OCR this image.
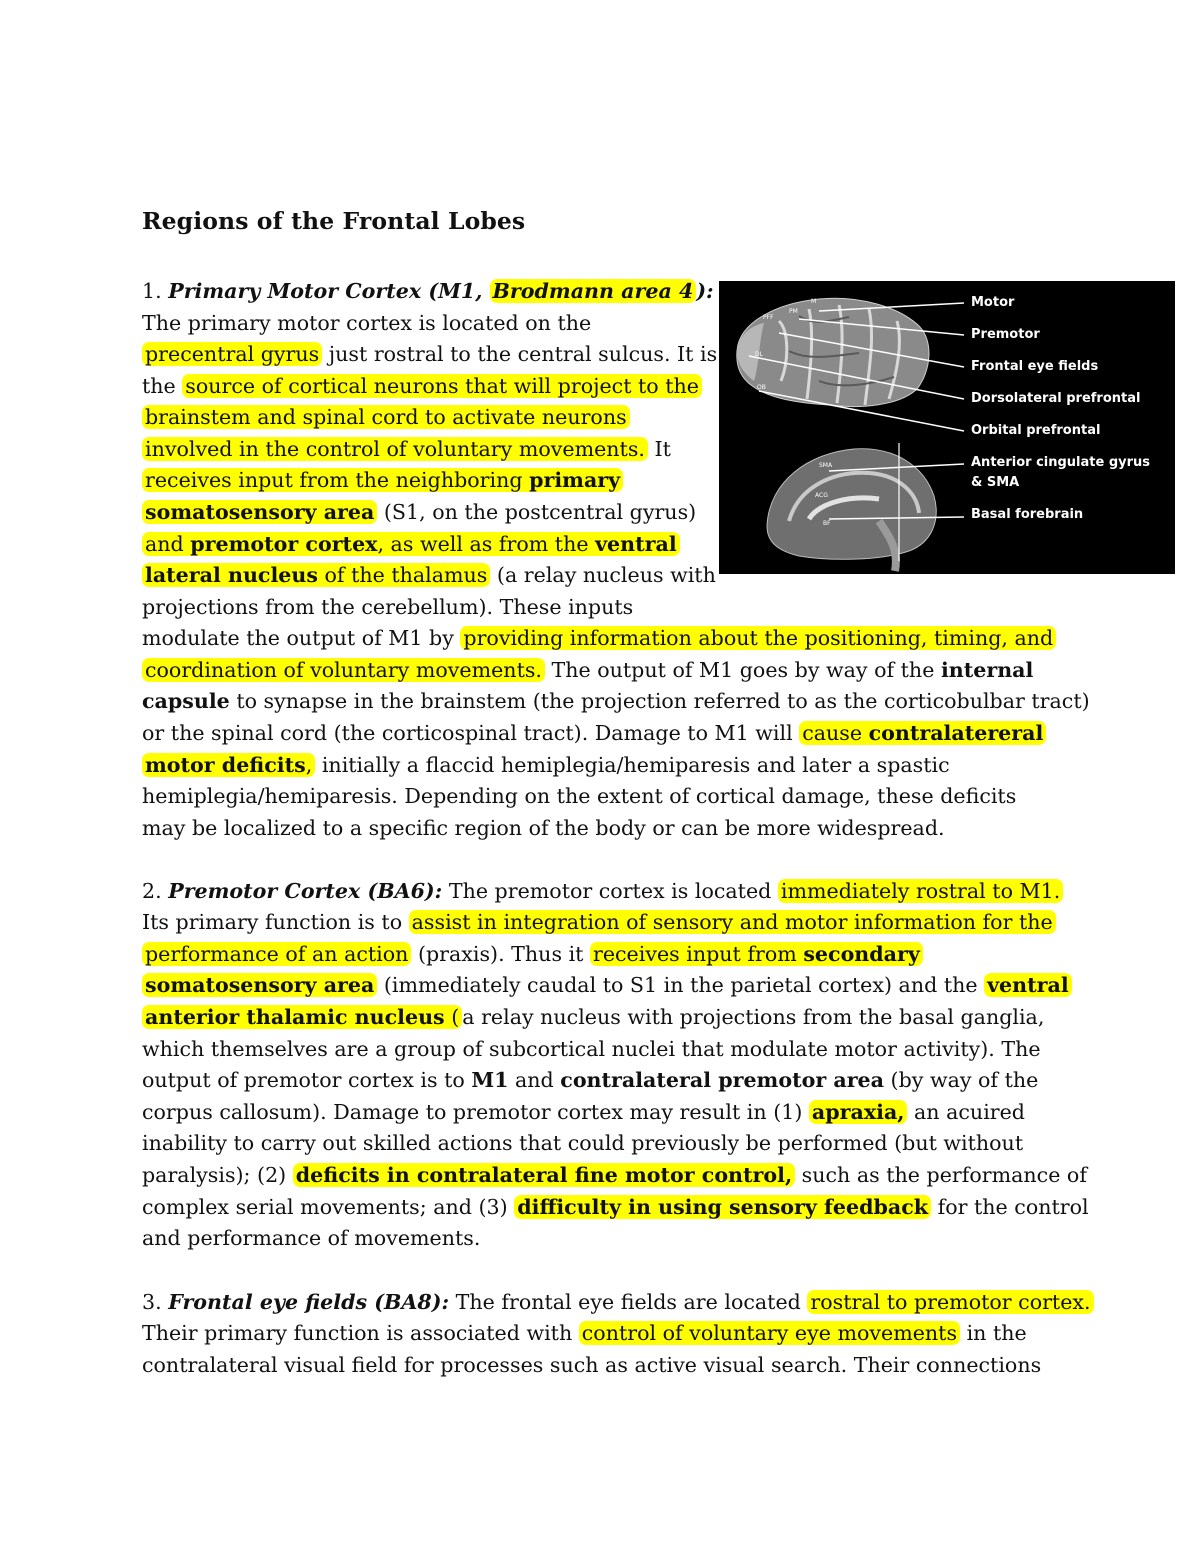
Regions of the Frontal Lobes
PFF
PM
M
DL
OB
SMA
ACG
BF
Motor
Premotor
Frontal eye fields
Dorsolateral prefrontal
Orbital prefrontal
Anterior cingulate gyrus
& SMA
Basal forebrain
1. Primary Motor Cortex (M1, Brodmann area 4 ):
The primary motor cortex is located on the
precentral gyrus just rostral to the central sulcus. It is
the source of cortical neurons that will project to the
brainstem and spinal cord to activate neurons
involved in the control of voluntary movements. It
receives input from the neighboring primary
somatosensory area (S1, on the postcentral gyrus)
and premotor cortex, as well as from the ventral
lateral nucleus of the thalamus (a relay nucleus with
projections from the cerebellum). These inputs
modulate the output of M1 by providing information about the positioning, timing, and
coordination of voluntary movements. The output of M1 goes by way of the internal
capsule to synapse in the brainstem (the projection referred to as the corticobulbar tract)
or the spinal cord (the corticospinal tract). Damage to M1 will cause contralatereral
motor deficits, initially a flaccid hemiplegia/hemiparesis and later a spastic
hemiplegia/hemiparesis. Depending on the extent of cortical damage, these deficits
may be localized to a specific region of the body or can be more widespread.
2. Premotor Cortex (BA6): The premotor cortex is located immediately rostral to M1.
Its primary function is to assist in integration of sensory and motor information for the
performance of an action (praxis). Thus it receives input from secondary
somatosensory area (immediately caudal to S1 in the parietal cortex) and the ventral
anterior thalamic nucleus ( a relay nucleus with projections from the basal ganglia,
which themselves are a group of subcortical nuclei that modulate motor activity). The
output of premotor cortex is to M1 and contralateral premotor area (by way of the
corpus callosum). Damage to premotor cortex may result in (1) apraxia, an acuired
inability to carry out skilled actions that could previously be performed (but without
paralysis); (2) deficits in contralateral fine motor control, such as the performance of
complex serial movements; and (3) difficulty in using sensory feedback for the control
and performance of movements.
3. Frontal eye fields (BA8): The frontal eye fields are located rostral to premotor cortex.
Their primary function is associated with control of voluntary eye movements in the
contralateral visual field for processes such as active visual search. Their connections
